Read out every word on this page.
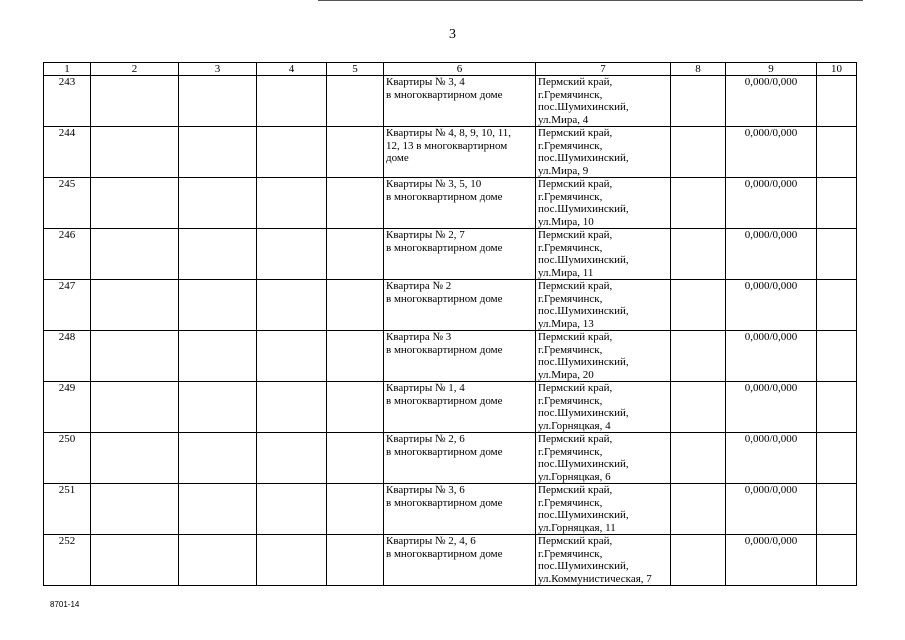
3
1	2	3	4	5	6	7	8	9	10
243					Квартиры № 3, 4
в многоквартирном доме	Пермский край,
г.Гремячинск,
пос.Шумихинский,
ул.Мира, 4		0,000/0,000	
244					Квартиры № 4, 8, 9, 10, 11,
12, 13 в многоквартирном
доме	Пермский край,
г.Гремячинск,
пос.Шумихинский,
ул.Мира, 9		0,000/0,000	
245					Квартиры № 3, 5, 10
в многоквартирном доме	Пермский край,
г.Гремячинск,
пос.Шумихинский,
ул.Мира, 10		0,000/0,000	
246					Квартиры № 2, 7
в многоквартирном доме	Пермский край,
г.Гремячинск,
пос.Шумихинский,
ул.Мира, 11		0,000/0,000	
247					Квартира № 2
в многоквартирном доме	Пермский край,
г.Гремячинск,
пос.Шумихинский,
ул.Мира, 13		0,000/0,000	
248					Квартира № 3
в многоквартирном доме	Пермский край,
г.Гремячинск,
пос.Шумихинский,
ул.Мира, 20		0,000/0,000	
249					Квартиры № 1, 4
в многоквартирном доме	Пермский край,
г.Гремячинск,
пос.Шумихинский,
ул.Горняцкая, 4		0,000/0,000	
250					Квартиры № 2, 6
в многоквартирном доме	Пермский край,
г.Гремячинск,
пос.Шумихинский,
ул.Горняцкая, 6		0,000/0,000	
251					Квартиры № 3, 6
в многоквартирном доме	Пермский край,
г.Гремячинск,
пос.Шумихинский,
ул.Горняцкая, 11		0,000/0,000	
252					Квартиры № 2, 4, 6
в многоквартирном доме	Пермский край,
г.Гремячинск,
пос.Шумихинский,
ул.Коммунистическая, 7		0,000/0,000	
8701-14
